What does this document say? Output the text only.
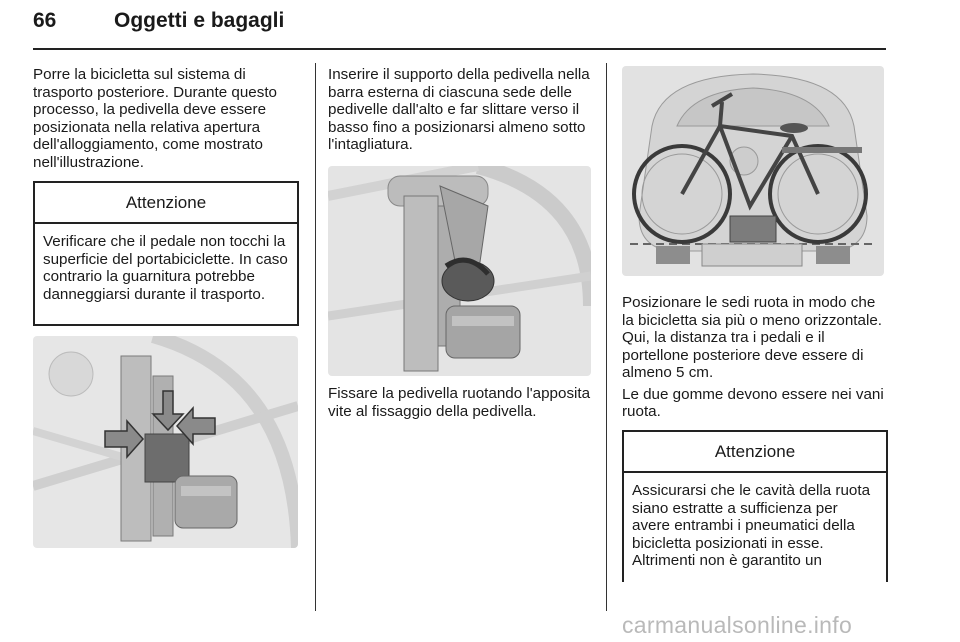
66	Oggetti e bagagli

Porre la bicicletta sul sistema di trasporto posteriore. Durante questo processo, la pedivella deve essere posizionata nella relativa apertura dell'alloggiamento, come mostrato nell'illustrazione.

Attenzione
Verificare che il pedale non tocchi la superficie del portabiciclette. In caso contrario la guarnitura potrebbe danneggiarsi durante il trasporto.

Inserire il supporto della pedivella nella barra esterna di ciascuna sede delle pedivelle dall'alto e far slittare verso il basso fino a posizionarsi almeno sotto l'intagliatura.

Fissare la pedivella ruotando l'apposita vite al fissaggio della pedivella.

Posizionare le sedi ruota in modo che la bicicletta sia più o meno orizzontale. Qui, la distanza tra i pedali e il portellone posteriore deve essere di almeno 5 cm.

Le due gomme devono essere nei vani ruota.

Attenzione
Assicurarsi che le cavità della ruota siano estratte a sufficienza per avere entrambi i pneumatici della bicicletta posizionati in esse. Altrimenti non è garantito un
carmanualsonline.info
